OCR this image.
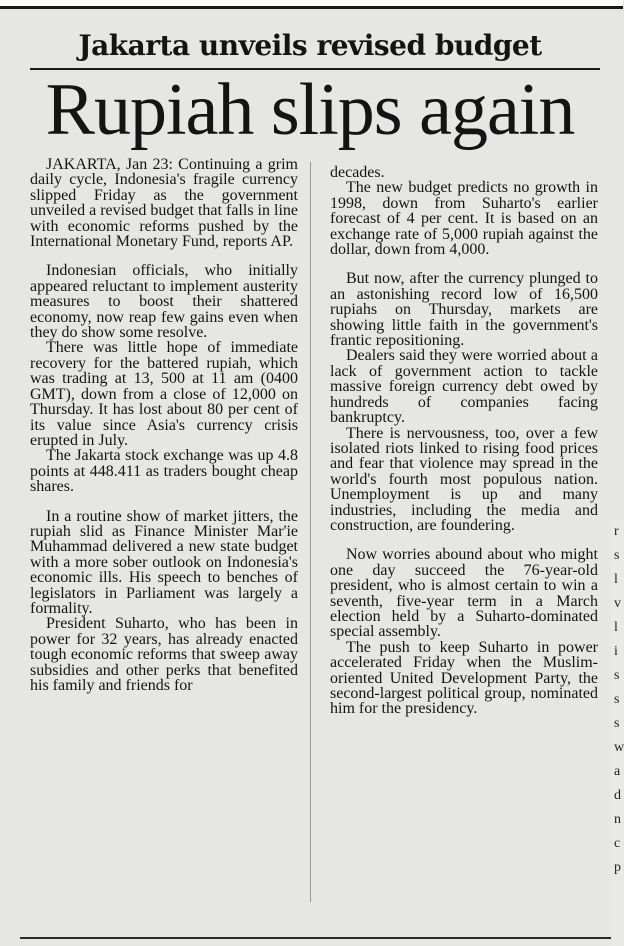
Jakarta unveils revised budget
Rupiah slips again

JAKARTA, Jan 23: Continuing a grim daily cycle, Indonesia's fragile currency slipped Friday as the government unveiled a revised budget that falls in line with economic reforms pushed by the International Monetary Fund, reports AP.

Indonesian officials, who initially appeared reluctant to implement austerity measures to boost their shattered economy, now reap few gains even when they do show some resolve.

There was little hope of immediate recovery for the battered rupiah, which was trading at 13, 500 at 11 am (0400 GMT), down from a close of 12,000 on Thursday. It has lost about 80 per cent of its value since Asia's currency crisis erupted in July.

The Jakarta stock exchange was up 4.8 points at 448.411 as traders bought cheap shares.

In a routine show of market jitters, the rupiah slid as Finance Minister Mar'ie Muhammad delivered a new state budget with a more sober outlook on Indonesia's economic ills. His speech to benches of legislators in Parliament was largely a formality.

President Suharto, who has been in power for 32 years, has already enacted tough economic reforms that sweep away subsidies and other perks that benefited his family and friends for

decades.

The new budget predicts no growth in 1998, down from Suharto's earlier forecast of 4 per cent. It is based on an exchange rate of 5,000 rupiah against the dollar, down from 4,000.

But now, after the currency plunged to an astonishing record low of 16,500 rupiahs on Thursday, markets are showing little faith in the government's frantic repositioning.

Dealers said they were worried about a lack of government action to tackle massive foreign currency debt owed by hundreds of companies facing bankruptcy.

There is nervousness, too, over a few isolated riots linked to rising food prices and fear that violence may spread in the world's fourth most populous nation. Unemployment is up and many industries, including the media and construction, are foundering.

Now worries abound about who might one day succeed the 76-year-old president, who is almost certain to win a seventh, five-year term in a March election held by a Suharto-dominated special assembly.

The push to keep Suharto in power accelerated Friday when the Muslim-oriented United Development Party, the second-largest political group, nominated him for the presidency.

r
s
l
v
l
i
s
s
s
w
a
d
n
c
p
